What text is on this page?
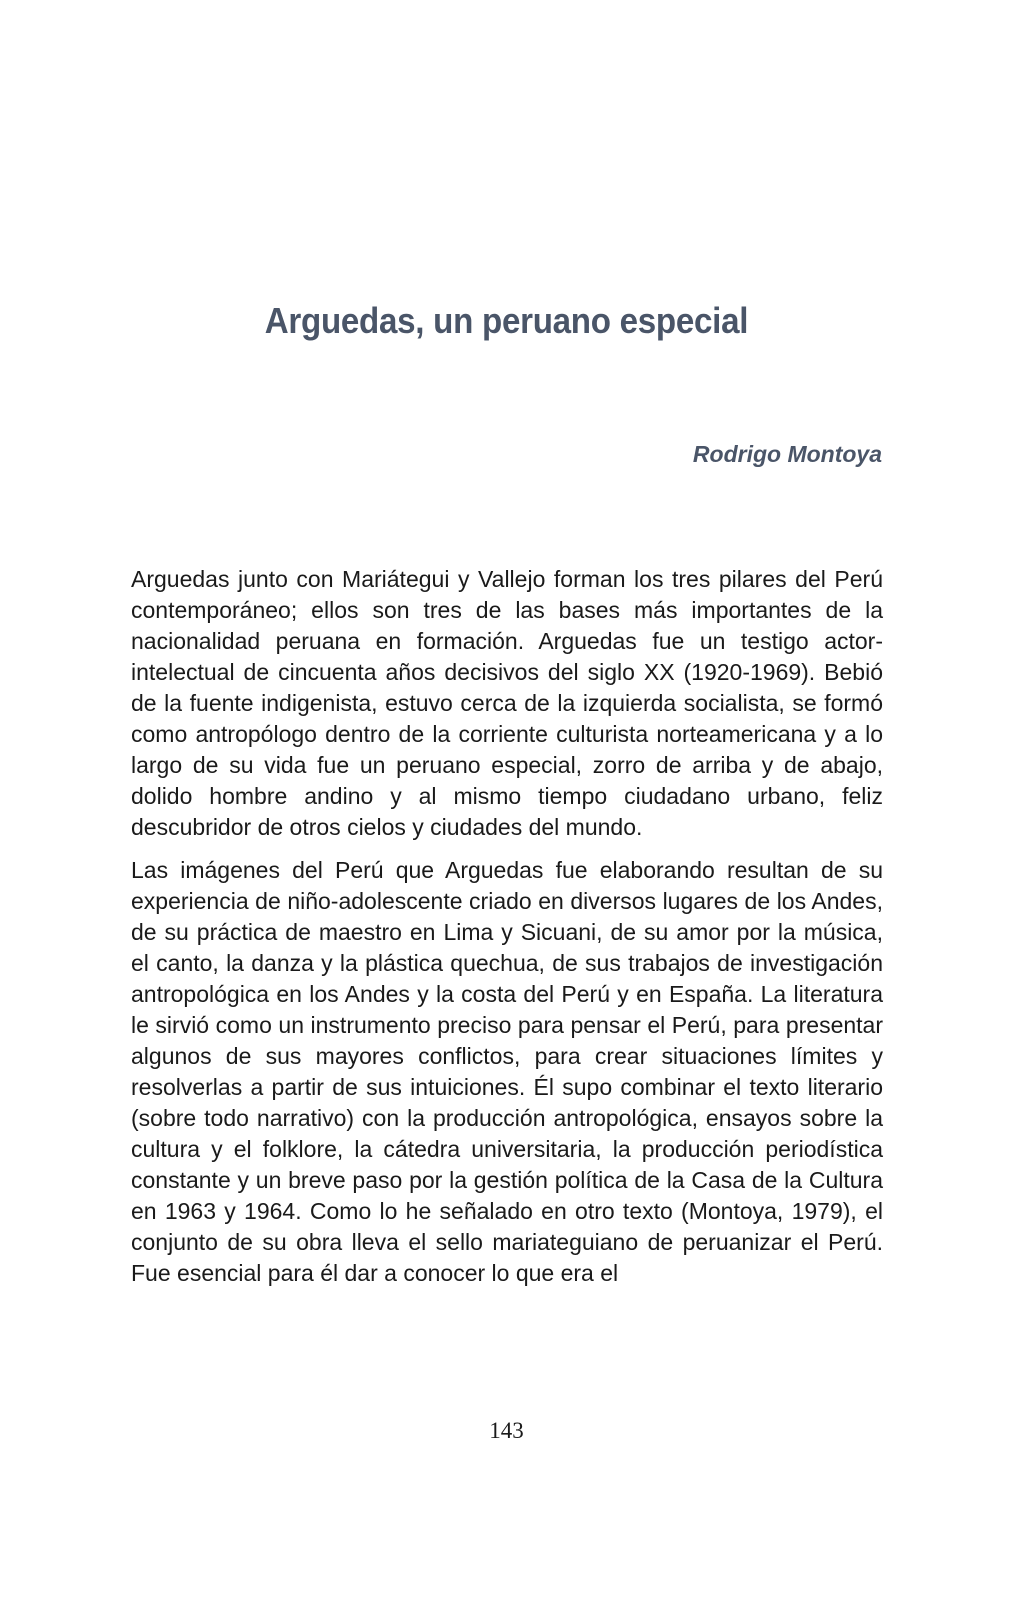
Arguedas, un peruano especial

Rodrigo Montoya

Arguedas junto con Mariátegui y Vallejo forman los tres pilares del Perú contemporáneo; ellos son tres de las bases más importantes de la nacionalidad peruana en formación. Arguedas fue un testigo actor-intelectual de cincuenta años decisivos del siglo XX (1920-1969). Bebió de la fuente indigenista, estuvo cerca de la izquierda socialista, se formó como antropólogo dentro de la corriente culturista norteamericana y a lo largo de su vida fue un peruano especial, zorro de arriba y de abajo, dolido hombre andino y al mismo tiempo ciudadano urbano, feliz descubridor de otros cielos y ciudades del mundo.

Las imágenes del Perú que Arguedas fue elaborando resultan de su experiencia de niño-adolescente criado en diversos lugares de los Andes, de su práctica de maestro en Lima y Sicuani, de su amor por la música, el canto, la danza y la plástica quechua, de sus trabajos de investigación antropológica en los Andes y la costa del Perú y en España. La literatura le sirvió como un instrumento preciso para pensar el Perú, para presentar algunos de sus mayores conflictos, para crear situaciones límites y resolverlas a partir de sus intuiciones. Él supo combinar el texto literario (sobre todo narrativo) con la producción antropológica, ensayos sobre la cultura y el folklore, la cátedra universitaria, la producción periodística constante y un breve paso por la gestión política de la Casa de la Cultura en 1963 y 1964. Como lo he señalado en otro texto (Montoya, 1979), el conjunto de su obra lleva el sello mariateguiano de peruanizar el Perú. Fue esencial para él dar a conocer lo que era el

143
